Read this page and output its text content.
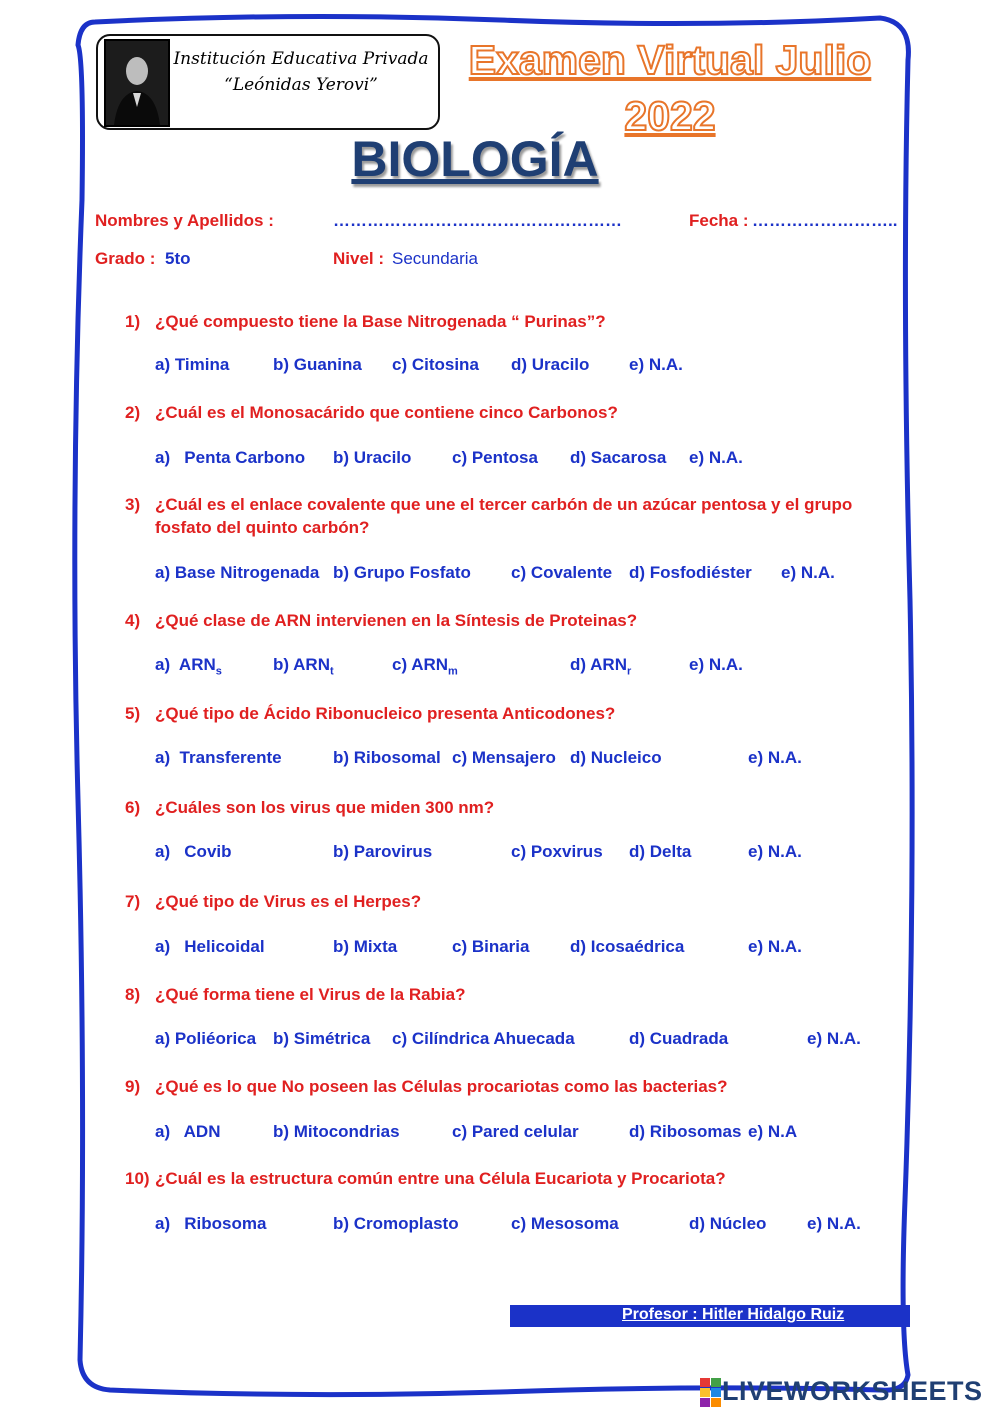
Institución Educativa Privada
“Leónidas Yerovi”
Examen Virtual Julio
2022
BIOLOGÍA
Nombres y Apellidos :	……………………………………………	Fecha : ……………………..
Grado : 5to	Nivel : Secundaria
1) ¿Qué compuesto tiene la Base Nitrogenada “ Purinas”?
a) Timina	b) Guanina c) Citosina d) Uracilo e) N.A.
2) ¿Cuál es el Monosacárido que contiene cinco Carbonos?
a)   Penta Carbono b) Uracilo c) Pentosa d) Sacarosa e) N.A.
3) ¿Cuál es el enlace covalente que une el tercer carbón de un azúcar pentosa y el grupo fosfato del quinto carbón?
a) Base Nitrogenada b) Grupo Fosfato c) Covalente d) Fosfodiéster e) N.A.
4) ¿Qué clase de ARN intervienen en la Síntesis de Proteinas?
a)  $ARN_s$	b) $ARN_t$	c) $ARN_m$	d) $ARN_r$	e) N.A.
5) ¿Qué tipo de Ácido Ribonucleico presenta Anticodones?
a)  Transferente	b) Ribosomal c) Mensajero d) Nucleico	e) N.A.
6) ¿Cuáles son los virus que miden 300 nm?
a)   Covib	b) Parovirus	c) Poxvirus d) Delta	e) N.A.
7) ¿Qué tipo de Virus es el Herpes?
a)   Helicoidal	b) Mixta	c) Binaria d) Icosaédrica	e) N.A.
8) ¿Qué forma tiene el Virus de la Rabia?
a) Poliéorica b) Simétrica c) Cilíndrica Ahuecada	d) Cuadrada	e) N.A.
9) ¿Qué es lo que No poseen las Células procariotas como las bacterias?
a)   ADN	b) Mitocondrias	c) Pared celular	d) Ribosomas e) N.A
10) ¿Cuál es la estructura común entre una Célula Eucariota y Procariota?
a)   Ribosoma	b) Cromoplasto	c) Mesosoma	d) Núcleo e) N.A.
Profesor : Hitler Hidalgo Ruiz
LIVEWORKSHEETS
